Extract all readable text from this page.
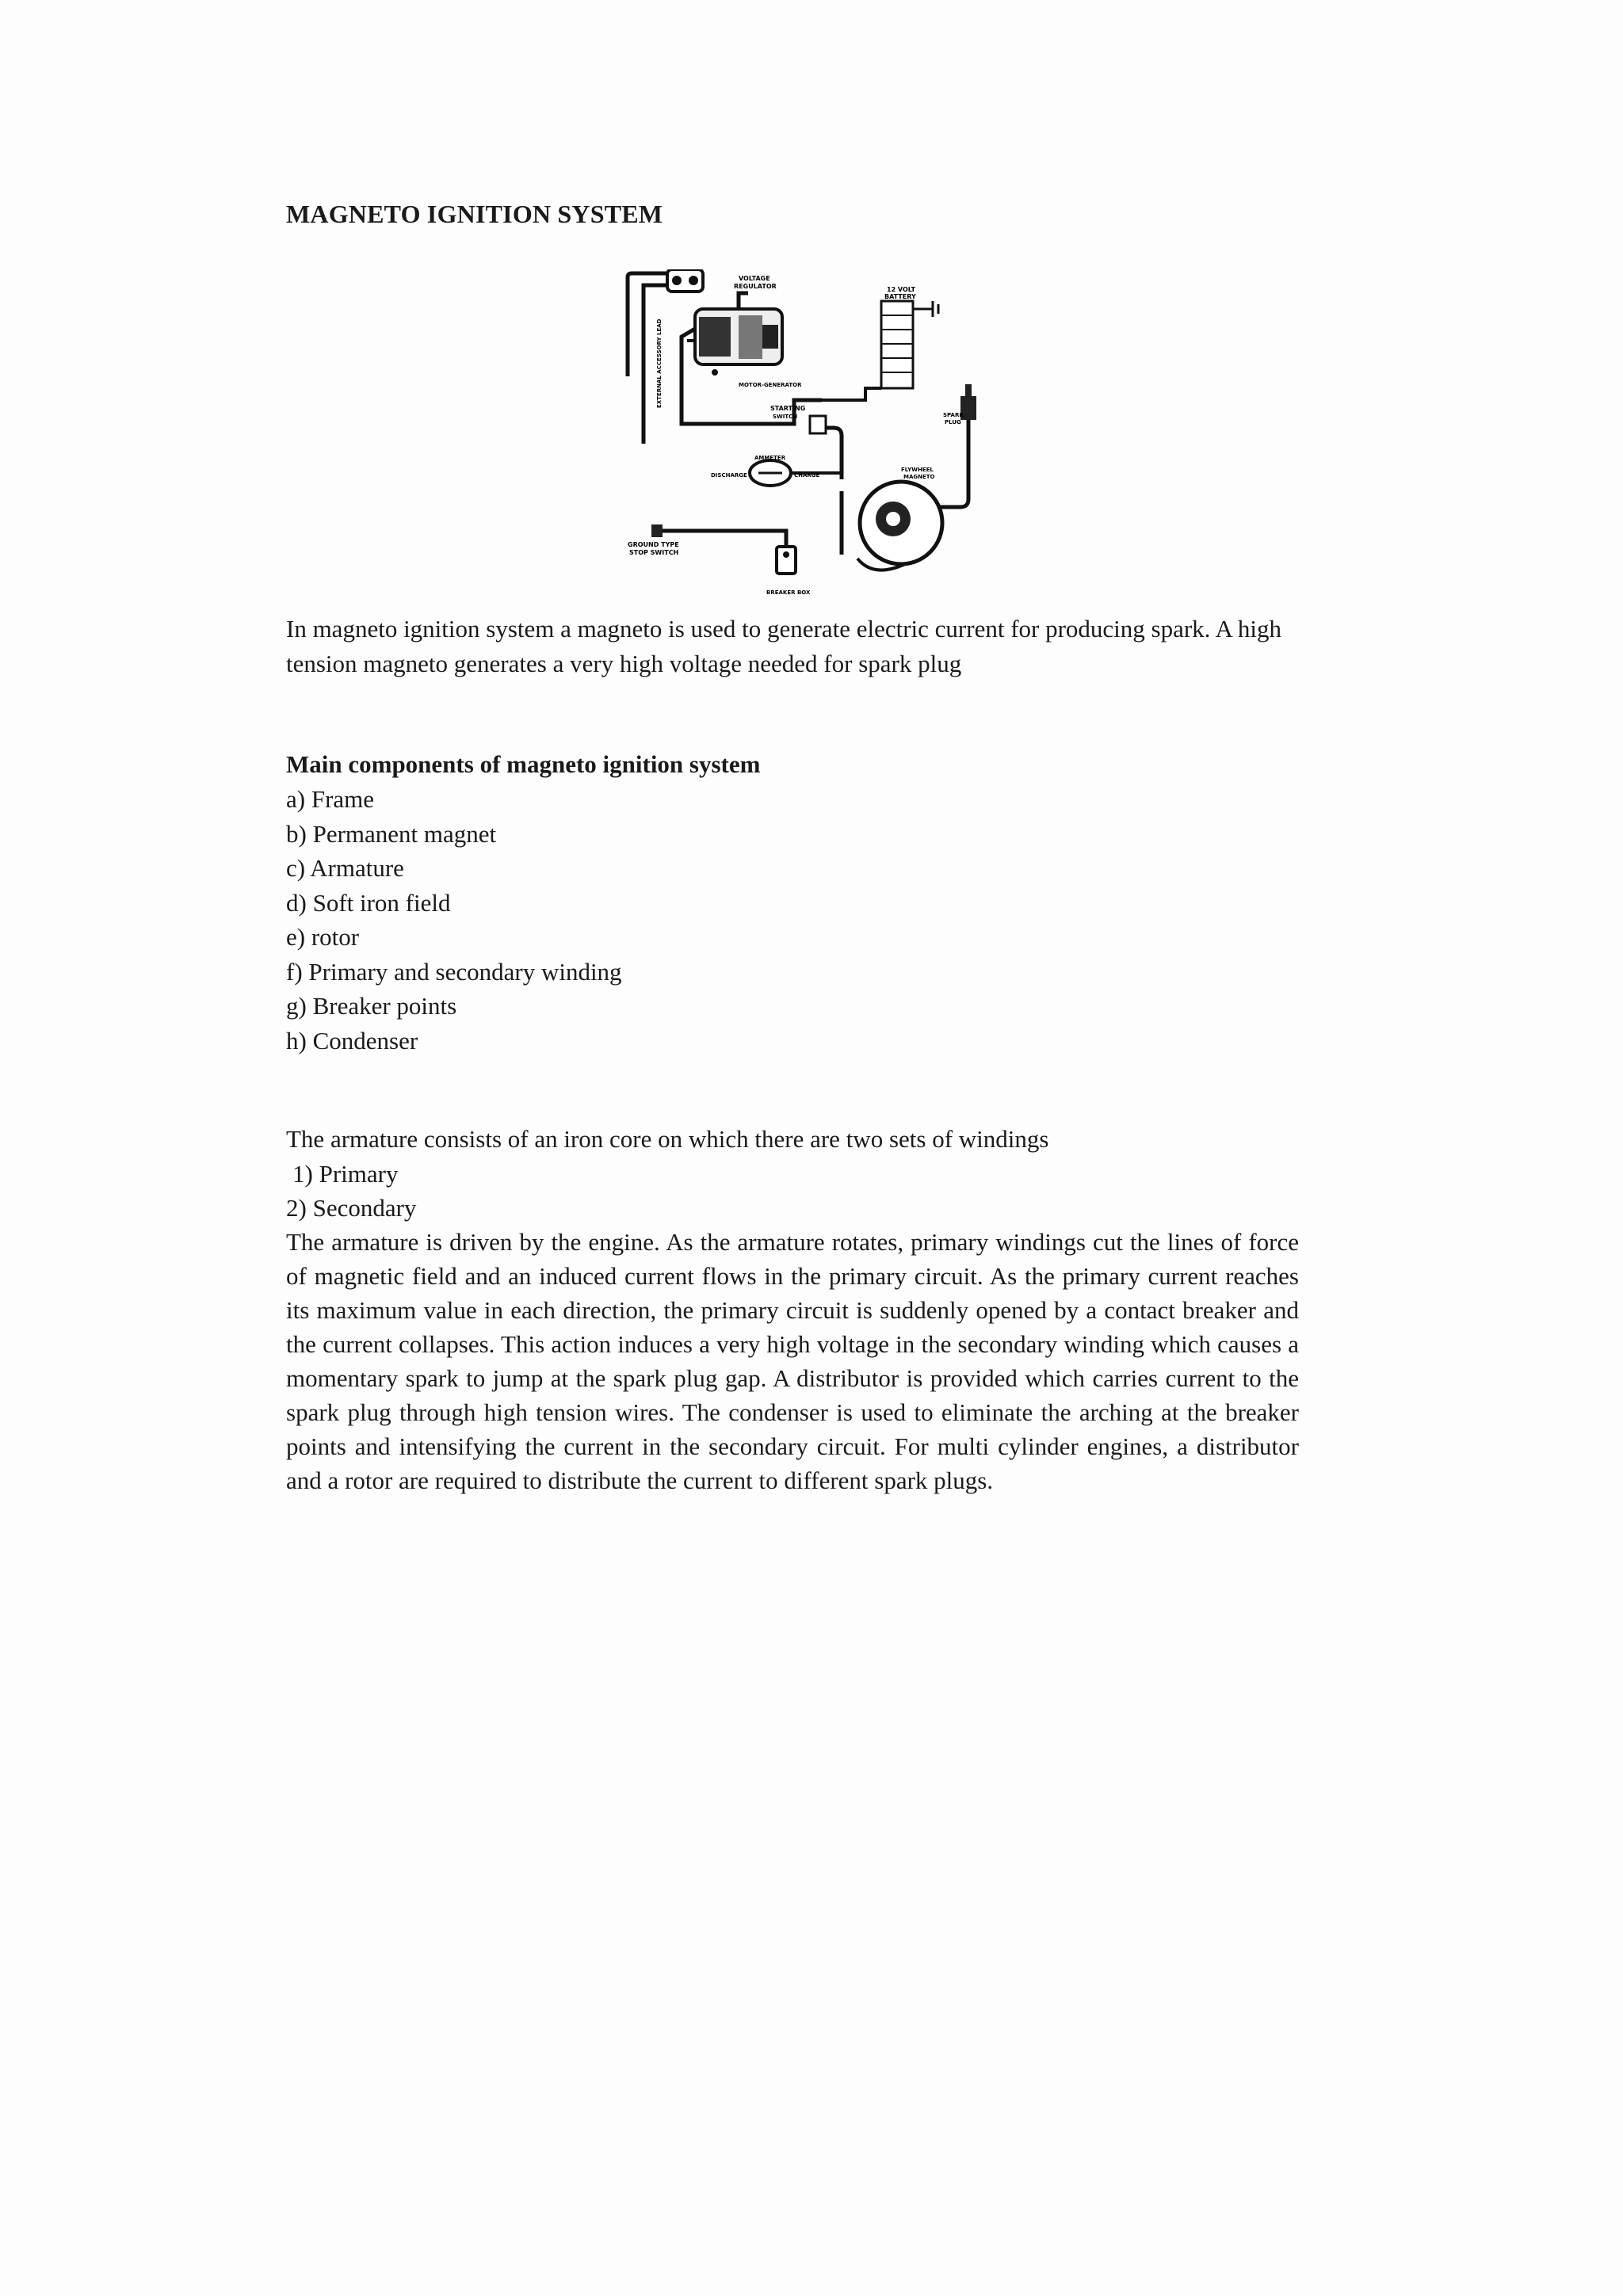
MAGNETO IGNITION SYSTEM
VOLTAGE
REGULATOR	12 VOLT
BATTERY
EXTERNAL ACCESSORY LEAD	MOTOR-GENERATOR
STARTING
SWITCH	SPARK
PLUG
AMMETER
DISCHARGE	CHARGE
FLYWHEEL
MAGNETO
GROUND TYPE
STOP SWITCH
BREAKER BOX

In magneto ignition system a magneto is used to generate electric current for producing spark. A high tension magneto generates a very high voltage needed for spark plug

Main components of magneto ignition system
a) Frame
b) Permanent magnet
c) Armature
d) Soft iron field
e) rotor
f) Primary and secondary winding
g) Breaker points
h) Condenser
The armature consists of an iron core on which there are two sets of windings
1) Primary
2) Secondary

The armature is driven by the engine. As the armature rotates, primary windings cut the lines of force of magnetic field and an induced current flows in the primary circuit. As the primary current reaches its maximum value in each direction, the primary circuit is suddenly opened by a contact breaker and the current collapses. This action induces a very high voltage in the secondary winding which causes a momentary spark to jump at the spark plug gap. A distributor is provided which carries current to the spark plug through high tension wires. The condenser is used to eliminate the arching at the breaker points and intensifying the current in the secondary circuit. For multi cylinder engines, a distributor and a rotor are required to distribute the current to different spark plugs.
